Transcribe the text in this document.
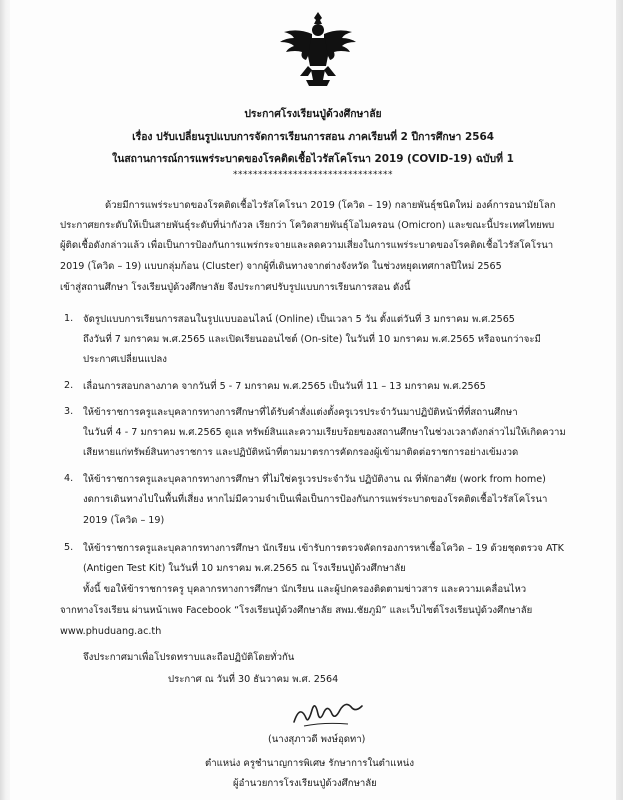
ประกาศโรงเรียนปู่ด้วงศึกษาลัย
เรื่อง ปรับเปลี่ยนรูปแบบการจัดการเรียนการสอน ภาคเรียนที่ 2 ปีการศึกษา 2564
ในสถานการณ์การแพร่ระบาดของโรคติดเชื้อไวรัสโคโรนา 2019 (COVID-19) ฉบับที่ 1
********************************
ด้วยมีการแพร่ระบาดของโรคติดเชื้อไวรัสโคโรนา 2019 (โควิด – 19) กลายพันธุ์ชนิดใหม่ องค์การอนามัยโลก
ประกาศยกระดับให้เป็นสายพันธุ์ระดับที่น่ากังวล เรียกว่า โควิดสายพันธุ์โอไมครอน (Omicron) และขณะนี้ประเทศไทยพบ
ผู้ติดเชื้อดังกล่าวแล้ว เพื่อเป็นการป้องกันการแพร่กระจายและลดความเสี่ยงในการแพร่ระบาดของโรคติดเชื้อไวรัสโคโรนา
2019 (โควิด – 19) แบบกลุ่มก้อน (Cluster) จากผู้ที่เดินทางจากต่างจังหวัด ในช่วงหยุดเทศกาลปีใหม่ 2565
เข้าสู่สถานศึกษา โรงเรียนปู่ด้วงศึกษาลัย จึงประกาศปรับรูปแบบการเรียนการสอน ดังนี้
1. จัดรูปแบบการเรียนการสอนในรูปแบบออนไลน์ (Online) เป็นเวลา 5 วัน ตั้งแต่วันที่ 3 มกราคม พ.ศ.2565
ถึงวันที่ 7 มกราคม พ.ศ.2565 และเปิดเรียนออนไซต์ (On-site) ในวันที่ 10 มกราคม พ.ศ.2565 หรือจนกว่าจะมี
ประกาศเปลี่ยนแปลง
2. เลื่อนการสอบกลางภาค จากวันที่ 5 - 7 มกราคม พ.ศ.2565 เป็นวันที่ 11 – 13 มกราคม พ.ศ.2565
3. ให้ข้าราชการครูและบุคลากรทางการศึกษาที่ได้รับคำสั่งแต่งตั้งครูเวรประจำวันมาปฏิบัติหน้าที่ที่สถานศึกษา
ในวันที่ 4 - 7 มกราคม พ.ศ.2565 ดูแล ทรัพย์สินและความเรียบร้อยของสถานศึกษาในช่วงเวลาดังกล่าวไม่ให้เกิดความ
เสียหายแก่ทรัพย์สินทางราชการ และปฏิบัติหน้าที่ตามมาตรการคัดกรองผู้เข้ามาติดต่อราชการอย่างเข้มงวด
4. ให้ข้าราชการครูและบุคลากรทางการศึกษา ที่ไม่ใช่ครูเวรประจำวัน ปฏิบัติงาน ณ ที่พักอาศัย (work from home)
งดการเดินทางไปในพื้นที่เสี่ยง หากไม่มีความจำเป็นเพื่อเป็นการป้องกันการแพร่ระบาดของโรคติดเชื้อไวรัสโคโรนา
2019 (โควิด – 19)
5. ให้ข้าราชการครูและบุคลากรทางการศึกษา นักเรียน เข้ารับการตรวจคัดกรองการหาเชื้อโควิด – 19 ด้วยชุดตรวจ ATK
(Antigen Test Kit) ในวันที่ 10 มกราคม พ.ศ.2565 ณ โรงเรียนปู่ด้วงศึกษาลัย
ทั้งนี้ ขอให้ข้าราชการครู บุคลากรทางการศึกษา นักเรียน และผู้ปกครองติดตามข่าวสาร และความเคลื่อนไหว
จากทางโรงเรียน ผ่านหน้าเพจ Facebook “โรงเรียนปู่ด้วงศึกษาลัย สพม.ชัยภูมิ” และเว็บไซต์โรงเรียนปู่ด้วงศึกษาลัย
www.phuduang.ac.th
จึงประกาศมาเพื่อโปรดทราบและถือปฏิบัติโดยทั่วกัน
ประกาศ ณ วันที่ 30 ธันวาคม พ.ศ. 2564
(นางสุภาวดี พงษ์อุดทา)
ตำแหน่ง ครูชำนาญการพิเศษ รักษาการในตำแหน่ง
ผู้อำนวยการโรงเรียนปู่ด้วงศึกษาลัย
